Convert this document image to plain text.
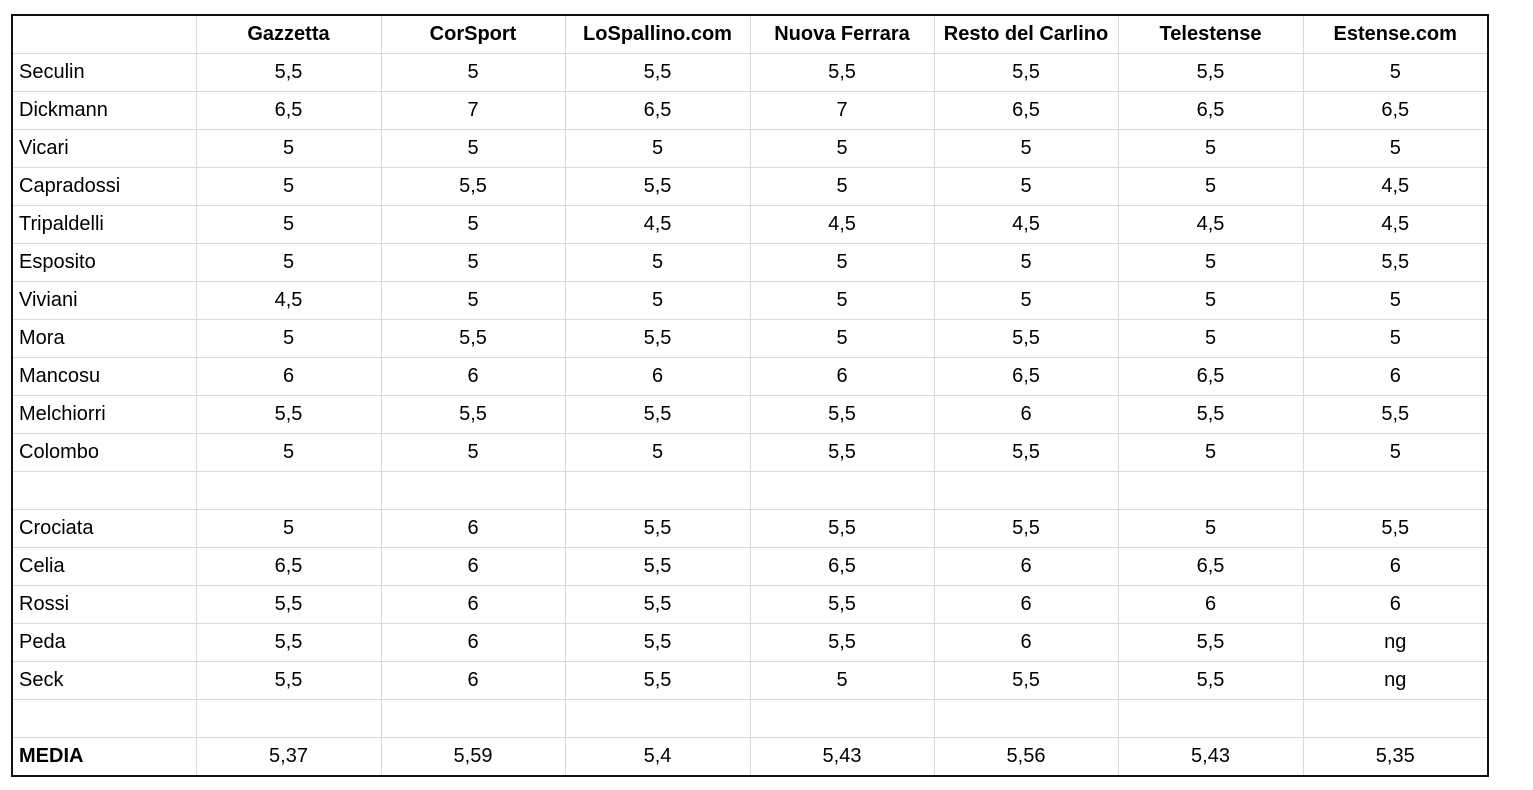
	Gazzetta	CorSport	LoSpallino.com	Nuova Ferrara	Resto del Carlino	Telestense	Estense.com
Seculin	5,5	5	5,5	5,5	5,5	5,5	5
Dickmann	6,5	7	6,5	7	6,5	6,5	6,5
Vicari	5	5	5	5	5	5	5
Capradossi	5	5,5	5,5	5	5	5	4,5
Tripaldelli	5	5	4,5	4,5	4,5	4,5	4,5
Esposito	5	5	5	5	5	5	5,5
Viviani	4,5	5	5	5	5	5	5
Mora	5	5,5	5,5	5	5,5	5	5
Mancosu	6	6	6	6	6,5	6,5	6
Melchiorri	5,5	5,5	5,5	5,5	6	5,5	5,5
Colombo	5	5	5	5,5	5,5	5	5

Crociata	5	6	5,5	5,5	5,5	5	5,5
Celia	6,5	6	5,5	6,5	6	6,5	6
Rossi	5,5	6	5,5	5,5	6	6	6
Peda	5,5	6	5,5	5,5	6	5,5	ng
Seck	5,5	6	5,5	5	5,5	5,5	ng

MEDIA	5,37	5,59	5,4	5,43	5,56	5,43	5,35
